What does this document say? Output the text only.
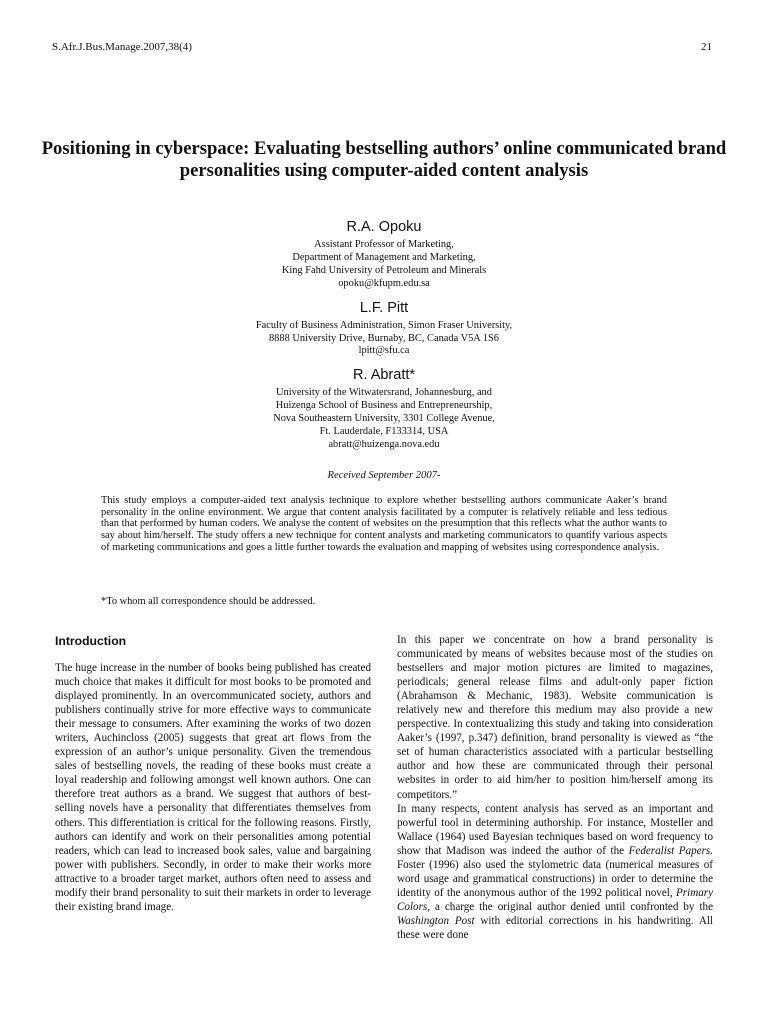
S.Afr.J.Bus.Manage.2007,38(4)	21
Positioning in cyberspace: Evaluating bestselling authors’ online communicated brand personalities using computer-aided content analysis
R.A. Opoku
Assistant Professor of Marketing,
Department of Management and Marketing,
King Fahd University of Petroleum and Minerals
opoku@kfupm.edu.sa
L.F. Pitt
Faculty of Business Administration, Simon Fraser University,
8888 University Drive, Burnaby, BC, Canada V5A 1S6
lpitt@sfu.ca
R. Abratt*
University of the Witwatersrand, Johannesburg, and
Huizenga School of Business and Entrepreneurship,
Nova Southeastern University, 3301 College Avenue,
Ft. Lauderdale, F133314, USA
abratt@huizenga.nova.edu
Received September 2007-
This study employs a computer-aided text analysis technique to explore whether bestselling authors communicate Aaker’s brand personality in the online environment. We argue that content analysis facilitated by a computer is relatively reliable and less tedious than that performed by human coders. We analyse the content of websites on the presumption that this reflects what the author wants to say about him/herself. The study offers a new technique for content analysts and marketing communicators to quantify various aspects of marketing communications and goes a little further towards the evaluation and mapping of websites using correspondence analysis.
*To whom all correspondence should be addressed.
Introduction

The huge increase in the number of books being published has created much choice that makes it difficult for most books to be promoted and displayed prominently. In an overcommunicated society, authors and publishers continually strive for more effective ways to communicate their message to consumers. After examining the works of two dozen writers, Auchincloss (2005) suggests that great art flows from the expression of an author’s unique personality. Given the tremendous sales of bestselling novels, the reading of these books must create a loyal readership and following amongst well known authors. One can therefore treat authors as a brand. We suggest that authors of best-selling novels have a personality that differentiates themselves from others. This differentiation is critical for the following reasons. Firstly, authors can identify and work on their personalities among potential readers, which can lead to increased book sales, value and bargaining power with publishers. Secondly, in order to make their works more attractive to a broader target market, authors often need to assess and modify their brand personality to suit their markets in order to leverage their existing brand image.

In this paper we concentrate on how a brand personality is communicated by means of websites because most of the studies on bestsellers and major motion pictures are limited to magazines, periodicals; general release films and adult-only paper fiction (Abrahamson & Mechanic, 1983). Website communication is relatively new and therefore this medium may also provide a new perspective. In contextualizing this study and taking into consideration Aaker’s (1997, p.347) definition, brand personality is viewed as “the set of human characteristics associated with a particular bestselling author and how these are communicated through their personal websites in order to aid him/her to position him/herself among its competitors.”

In many respects, content analysis has served as an important and powerful tool in determining authorship. For instance, Mosteller and Wallace (1964) used Bayesian techniques based on word frequency to show that Madison was indeed the author of the Federalist Papers. Foster (1996) also used the stylometric data (numerical measures of word usage and grammatical constructions) in order to determine the identity of the anonymous author of the 1992 political novel, Primary Colors, a charge the original author denied until confronted by the Washington Post with editorial corrections in his handwriting. All these were done
